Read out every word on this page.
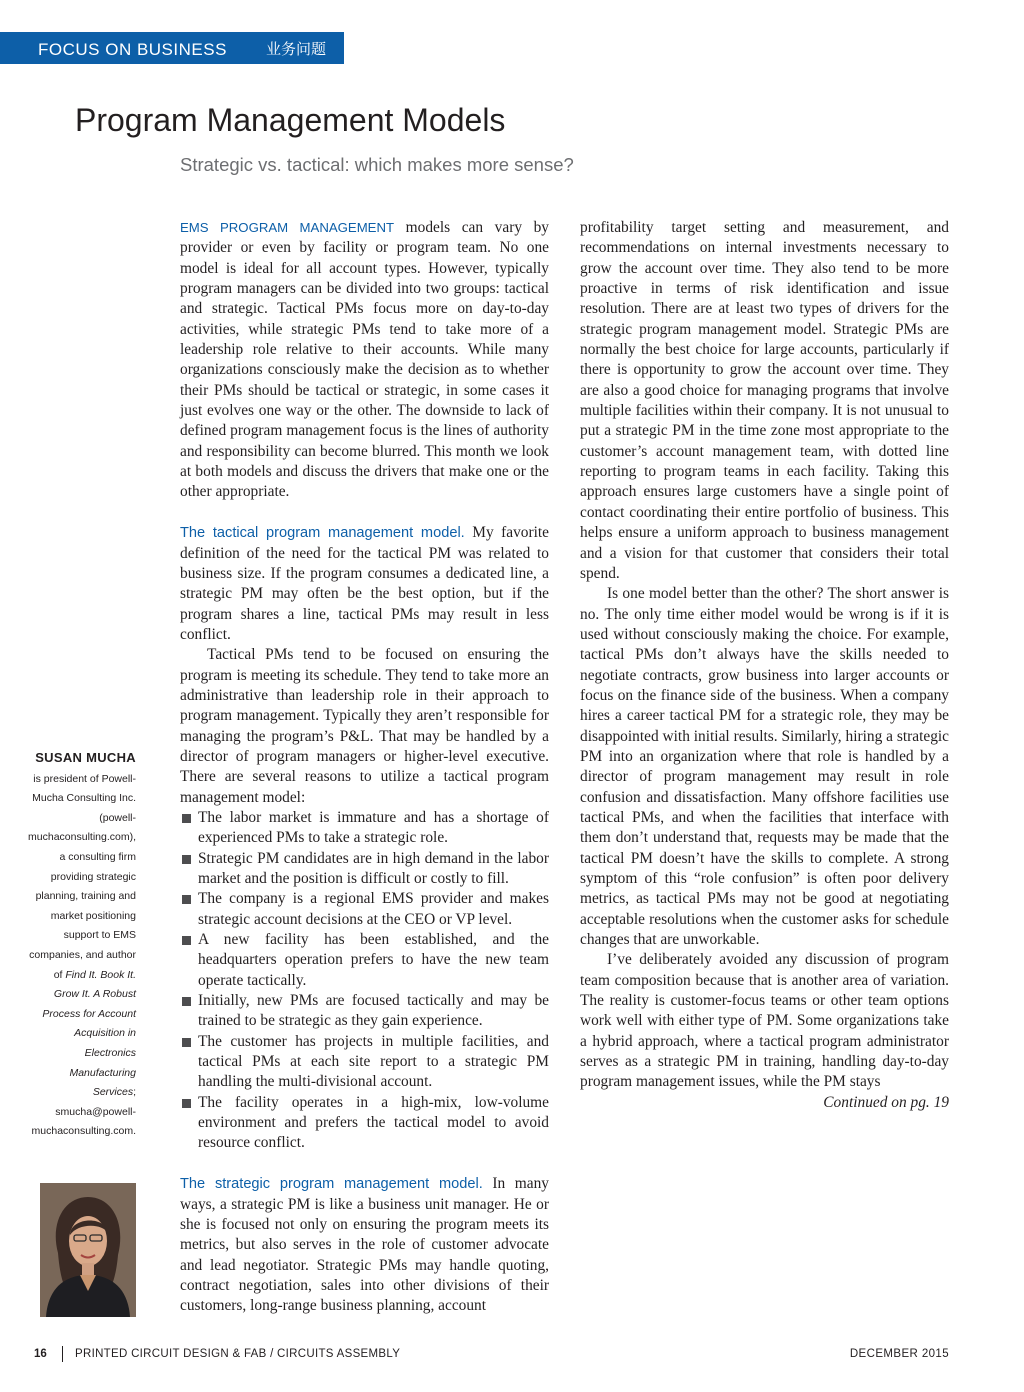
FOCUS ON BUSINESS	业务问题
Program Management Models
Strategic vs. tactical: which makes more sense?

EMS PROGRAM MANAGEMENT models can vary by provider or even by facility or program team. No one model is ideal for all account types. However, typically program managers can be divided into two groups: tactical and strategic. Tactical PMs focus more on day-to-day activities, while strategic PMs tend to take more of a leadership role relative to their accounts. While many organizations consciously make the decision as to whether their PMs should be tactical or strategic, in some cases it just evolves one way or the other. The downside to lack of defined program management focus is the lines of authority and responsibility can become blurred. This month we look at both models and discuss the drivers that make one or the other appropriate.

The tactical program management model. My favorite definition of the need for the tactical PM was related to business size. If the program consumes a dedicated line, a strategic PM may often be the best option, but if the program shares a line, tactical PMs may result in less conflict.

Tactical PMs tend to be focused on ensuring the program is meeting its schedule. They tend to take more an administrative than leadership role in their approach to program management. Typically they aren’t responsible for managing the program’s P&L. That may be handled by a director of program managers or higher-level executive. There are several reasons to utilize a tactical program management model:

The labor market is immature and has a shortage of experienced PMs to take a strategic role.
Strategic PM candidates are in high demand in the labor market and the position is difficult or costly to fill.
The company is a regional EMS provider and makes strategic account decisions at the CEO or VP level.
A new facility has been established, and the headquarters operation prefers to have the new team operate tactically.
Initially, new PMs are focused tactically and may be trained to be strategic as they gain experience.
The customer has projects in multiple facilities, and tactical PMs at each site report to a strategic PM handling the multi-divisional account.
The facility operates in a high-mix, low-volume environment and prefers the tactical model to avoid resource conflict.

The strategic program management model. In many ways, a strategic PM is like a business unit manager. He or she is focused not only on ensuring the program meets its metrics, but also serves in the role of customer advocate and lead negotiator. Strategic PMs may handle quoting, contract negotiation, sales into other divisions of their customers, long-range business planning, account

profitability target setting and measurement, and recommendations on internal investments necessary to grow the account over time. They also tend to be more proactive in terms of risk identification and issue resolution. There are at least two types of drivers for the strategic program management model. Strategic PMs are normally the best choice for large accounts, particularly if there is opportunity to grow the account over time. They are also a good choice for managing programs that involve multiple facilities within their company. It is not unusual to put a strategic PM in the time zone most appropriate to the customer’s account management team, with dotted line reporting to program teams in each facility. Taking this approach ensures large customers have a single point of contact coordinating their entire portfolio of business. This helps ensure a uniform approach to business management and a vision for that customer that considers their total spend.

Is one model better than the other? The short answer is no. The only time either model would be wrong is if it is used without consciously making the choice. For example, tactical PMs don’t always have the skills needed to negotiate contracts, grow business into larger accounts or focus on the finance side of the business. When a company hires a career tactical PM for a strategic role, they may be disappointed with initial results. Similarly, hiring a strategic PM into an organization where that role is handled by a director of program management may result in role confusion and dissatisfaction. Many offshore facilities use tactical PMs, and when the facilities that interface with them don’t understand that, requests may be made that the tactical PM doesn’t have the skills to complete. A strong symptom of this “role confusion” is often poor delivery metrics, as tactical PMs may not be good at negotiating acceptable resolutions when the customer asks for schedule changes that are unworkable.

I’ve deliberately avoided any discussion of program team composition because that is another area of variation. The reality is customer-focus teams or other team options work well with either type of PM. Some organizations take a hybrid approach, where a tactical program administrator serves as a strategic PM in training, handling day-to-day program management issues, while the PM stays

Continued on pg. 19

SUSAN MUCHA is president of Powell-Mucha Consulting Inc. (powell-muchaconsulting.com), a consulting firm providing strategic planning, training and market positioning support to EMS companies, and author of Find It. Book It. Grow It. A Robust Process for Account Acquisition in Electronics Manufacturing Services; smucha@powell-muchaconsulting.com.
16 PRINTED CIRCUIT DESIGN & FAB / CIRCUITS ASSEMBLY	DECEMBER 2015
